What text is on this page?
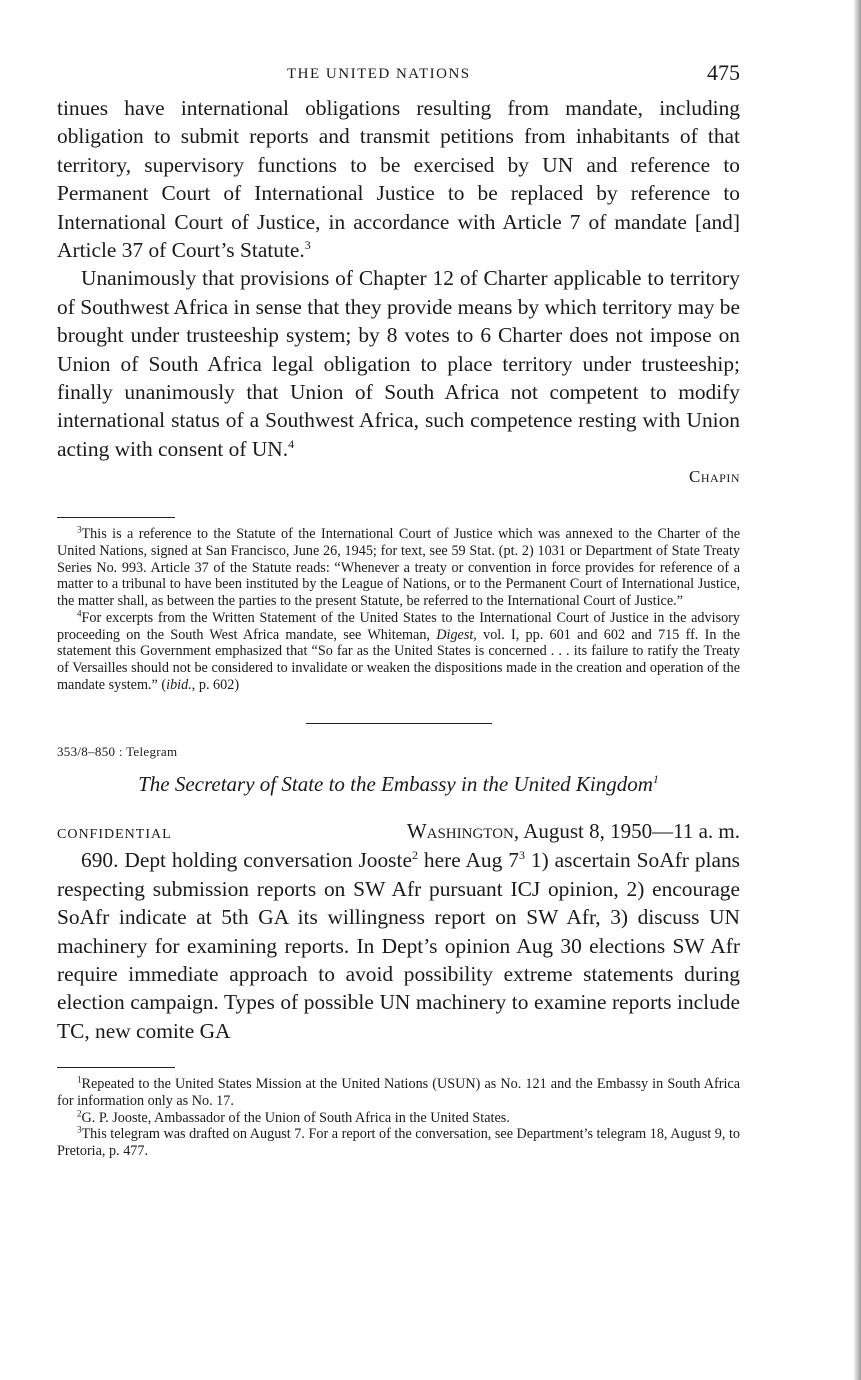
THE UNITED NATIONS	475

tinues have international obligations resulting from mandate, including obligation to submit reports and transmit petitions from inhabitants of that territory, supervisory functions to be exercised by UN and reference to Permanent Court of International Justice to be replaced by reference to International Court of Justice, in accordance with Article 7 of mandate [and] Article 37 of Court’s Statute.$^3$

Unanimously that provisions of Chapter 12 of Charter applicable to territory of Southwest Africa in sense that they provide means by which territory may be brought under trusteeship system; by 8 votes to 6 Charter does not impose on Union of South Africa legal obligation to place territory under trusteeship; finally unanimously that Union of South Africa not competent to modify international status of a Southwest Africa, such competence resting with Union acting with consent of UN.$^4$

Chapin

$^3$This is a reference to the Statute of the International Court of Justice which was annexed to the Charter of the United Nations, signed at San Francisco, June 26, 1945; for text, see 59 Stat. (pt. 2) 1031 or Department of State Treaty Series No. 993. Article 37 of the Statute reads: “Whenever a treaty or convention in force provides for reference of a matter to a tribunal to have been instituted by the League of Nations, or to the Permanent Court of International Justice, the matter shall, as between the parties to the present Statute, be referred to the International Court of Justice.”

$^4$For excerpts from the Written Statement of the United States to the International Court of Justice in the advisory proceeding on the South West Africa mandate, see Whiteman, Digest, vol. I, pp. 601 and 602 and 715 ff. In the statement this Government emphasized that “So far as the United States is concerned . . . its failure to ratify the Treaty of Versailles should not be considered to invalidate or weaken the dispositions made in the creation and operation of the mandate system.” (ibid., p. 602)

353/8–850 : Telegram
The Secretary of State to the Embassy in the United Kingdom$^1$
CONFIDENTIAL	Washington, August 8, 1950—11 a. m.

690. Dept holding conversation Jooste$^2$ here Aug $7^3$ 1) ascertain SoAfr plans respecting submission reports on SW Afr pursuant ICJ opinion, 2) encourage SoAfr indicate at 5th GA its willingness report on SW Afr, 3) discuss UN machinery for examining reports. In Dept’s opinion Aug 30 elections SW Afr require immediate approach to avoid possibility extreme statements during election campaign. Types of possible UN machinery to examine reports include TC, new comite GA

$^1$Repeated to the United States Mission at the United Nations (USUN) as No. 121 and the Embassy in South Africa for information only as No. 17.

$^2$G. P. Jooste, Ambassador of the Union of South Africa in the United States.

$^3$This telegram was drafted on August 7. For a report of the conversation, see Department’s telegram 18, August 9, to Pretoria, p. 477.
